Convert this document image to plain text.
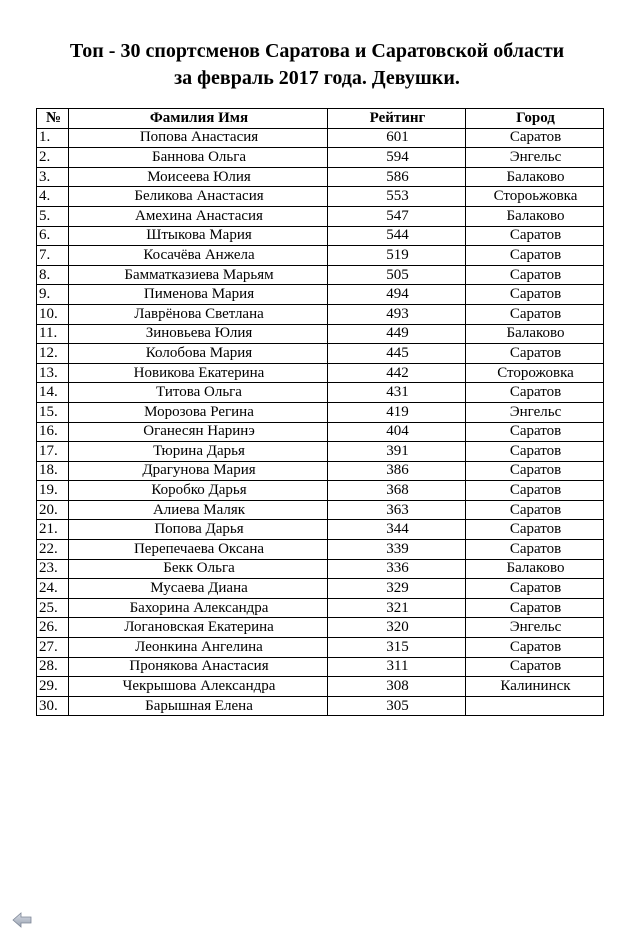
Топ - 30 спортсменов Саратова и Саратовской области
за февраль 2017 года. Девушки.
№	Фамилия Имя	Рейтинг	Город
1.	Попова Анастасия	601	Саратов
2.	Баннова Ольга	594	Энгельс
3.	Моисеева Юлия	586	Балаково
4.	Беликова Анастасия	553	Стороьжовка
5.	Амехина Анастасия	547	Балаково
6.	Штыкова Мария	544	Саратов
7.	Косачёва Анжела	519	Саратов
8.	Бамматказиева Марьям	505	Саратов
9.	Пименова Мария	494	Саратов
10.	Лаврёнова Светлана	493	Саратов
11.	Зиновьева Юлия	449	Балаково
12.	Колобова Мария	445	Саратов
13.	Новикова Екатерина	442	Сторожовка
14.	Титова Ольга	431	Саратов
15.	Морозова Регина	419	Энгельс
16.	Оганесян Наринэ	404	Саратов
17.	Тюрина Дарья	391	Саратов
18.	Драгунова Мария	386	Саратов
19.	Коробко Дарья	368	Саратов
20.	Алиева Маляк	363	Саратов
21.	Попова Дарья	344	Саратов
22.	Перепечаева Оксана	339	Саратов
23.	Бекк Ольга	336	Балаково
24.	Мусаева Диана	329	Саратов
25.	Бахорина Александра	321	Саратов
26.	Логановская Екатерина	320	Энгельс
27.	Леонкина Ангелина	315	Саратов
28.	Пронякова Анастасия	311	Саратов
29.	Чекрышова Александра	308	Калининск
30.	Барышная Елена	305	
